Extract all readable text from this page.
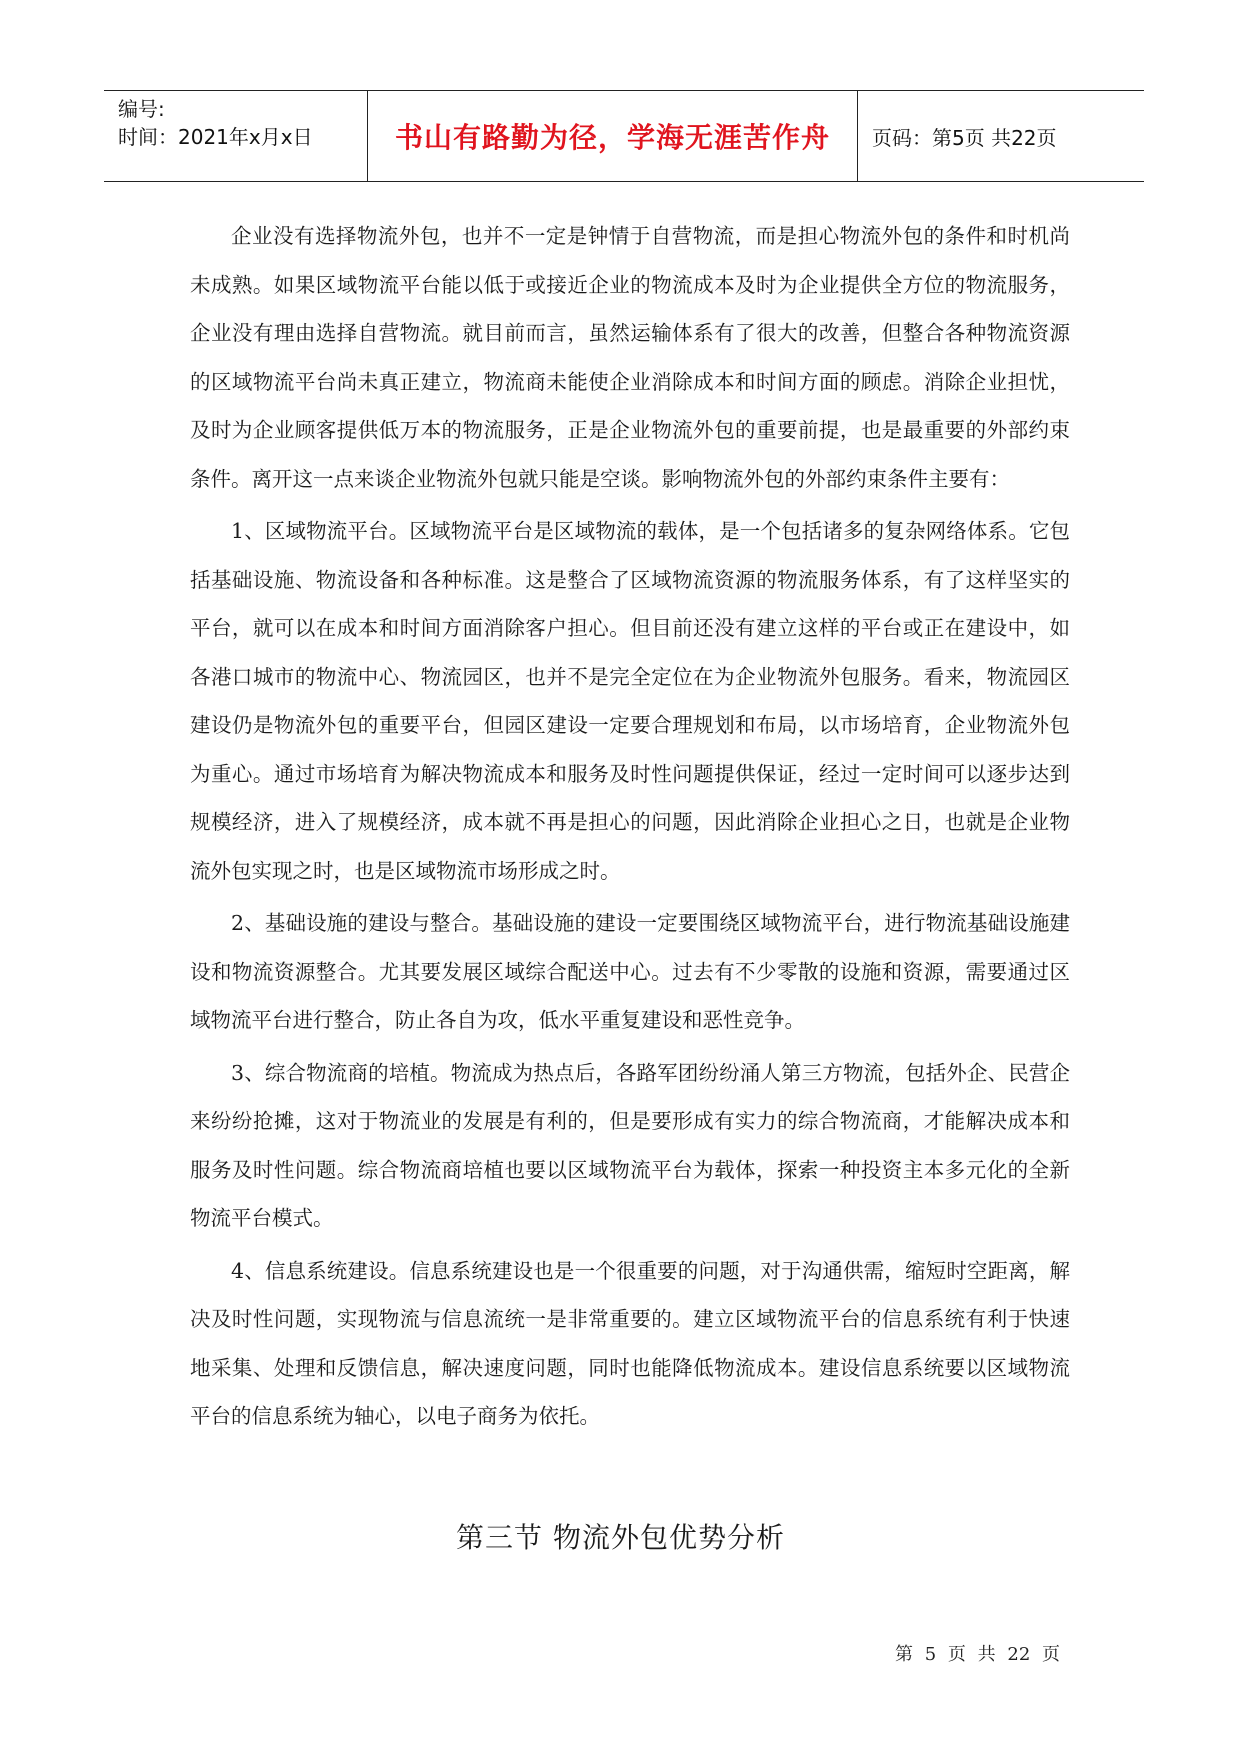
编号:
时间：2021年x月x日	书山有路勤为径，学海无涯苦作舟 页码：第5页 共22页

企业没有选择物流外包，也并不一定是钟情于自营物流，而是担心物流外包的条件和时机尚未成熟。如果区域物流平台能以低于或接近企业的物流成本及时为企业提供全方位的物流服务，企业没有理由选择自营物流。就目前而言，虽然运输体系有了很大的改善，但整合各种物流资源的区域物流平台尚未真正建立，物流商未能使企业消除成本和时间方面的顾虑。消除企业担忧，及时为企业顾客提供低万本的物流服务，正是企业物流外包的重要前提，也是最重要的外部约束条件。离开这一点来谈企业物流外包就只能是空谈。影响物流外包的外部约束条件主要有：

1、区域物流平台。区域物流平台是区域物流的载体，是一个包括诸多的复杂网络体系。它包括基础设施、物流设备和各种标准。这是整合了区域物流资源的物流服务体系，有了这样坚实的平台，就可以在成本和时间方面消除客户担心。但目前还没有建立这样的平台或正在建设中，如各港口城市的物流中心、物流园区，也并不是完全定位在为企业物流外包服务。看来，物流园区建设仍是物流外包的重要平台，但园区建设一定要合理规划和布局，以市场培育，企业物流外包为重心。通过市场培育为解决物流成本和服务及时性问题提供保证，经过一定时间可以逐步达到规模经济，进入了规模经济，成本就不再是担心的问题，因此消除企业担心之日，也就是企业物流外包实现之时，也是区域物流市场形成之时。

2、基础设施的建设与整合。基础设施的建设一定要围绕区域物流平台，进行物流基础设施建设和物流资源整合。尤其要发展区域综合配送中心。过去有不少零散的设施和资源，需要通过区域物流平台进行整合，防止各自为攻，低水平重复建设和恶性竞争。

3、综合物流商的培植。物流成为热点后，各路军团纷纷涌人第三方物流，包括外企、民营企来纷纷抢摊，这对于物流业的发展是有利的，但是要形成有实力的综合物流商，才能解决成本和服务及时性问题。综合物流商培植也要以区域物流平台为载体，探索一种投资主本多元化的全新物流平台模式。

4、信息系统建设。信息系统建设也是一个很重要的问题，对于沟通供需，缩短时空距离，解决及时性问题，实现物流与信息流统一是非常重要的。建立区域物流平台的信息系统有利于快速地采集、处理和反馈信息，解决速度问题，同时也能降低物流成本。建设信息系统要以区域物流平台的信息系统为轴心，以电子商务为依托。

第三节 物流外包优势分析
第 5 页 共 22 页
